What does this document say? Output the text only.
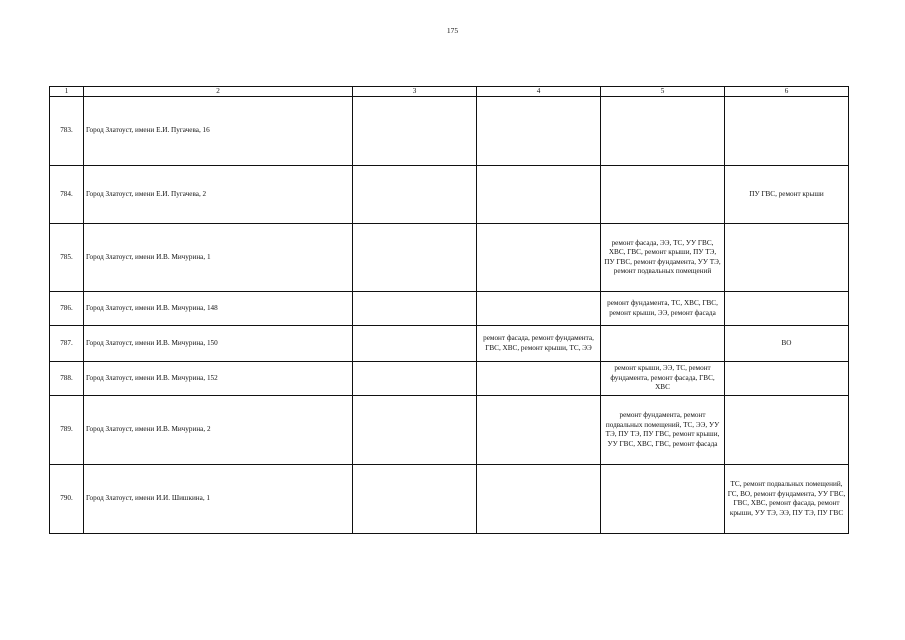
175
1	2	3	4	5	6
783.	Город Златоуст, имени Е.И. Пугачева, 16				
784.	Город Златоуст, имени Е.И. Пугачева, 2				ПУ ГВС, ремонт крыши
785.	Город Златоуст, имени И.В. Мичурина, 1			ремонт фасада, ЭЭ, ТС, УУ ГВС, ХВС, ГВС, ремонт крыши, ПУ ТЭ, ПУ ГВС, ремонт фундамента, УУ ТЭ, ремонт подвальных помещений	
786.	Город Златоуст, имени И.В. Мичурина, 148			ремонт фундамента, ТС, ХВС, ГВС, ремонт крыши, ЭЭ, ремонт фасада	
787.	Город Златоуст, имени И.В. Мичурина, 150		ремонт фасада, ремонт фундамента, ГВС, ХВС, ремонт крыши, ТС, ЭЭ		ВО
788.	Город Златоуст, имени И.В. Мичурина, 152			ремонт крыши, ЭЭ, ТС, ремонт фундамента, ремонт фасада, ГВС, ХВС	
789.	Город Златоуст, имени И.В. Мичурина, 2			ремонт фундамента, ремонт подвальных помещений, ТС, ЭЭ, УУ ТЭ, ПУ ТЭ, ПУ ГВС, ремонт крыши, УУ ГВС, ХВС, ГВС, ремонт фасада	
790.	Город Златоуст, имени И.И. Шишкина, 1				ТС, ремонт подвальных помещений, ГС, ВО, ремонт фундамента, УУ ГВС, ГВС, ХВС, ремонт фасада, ремонт крыши, УУ ТЭ, ЭЭ, ПУ ТЭ, ПУ ГВС
